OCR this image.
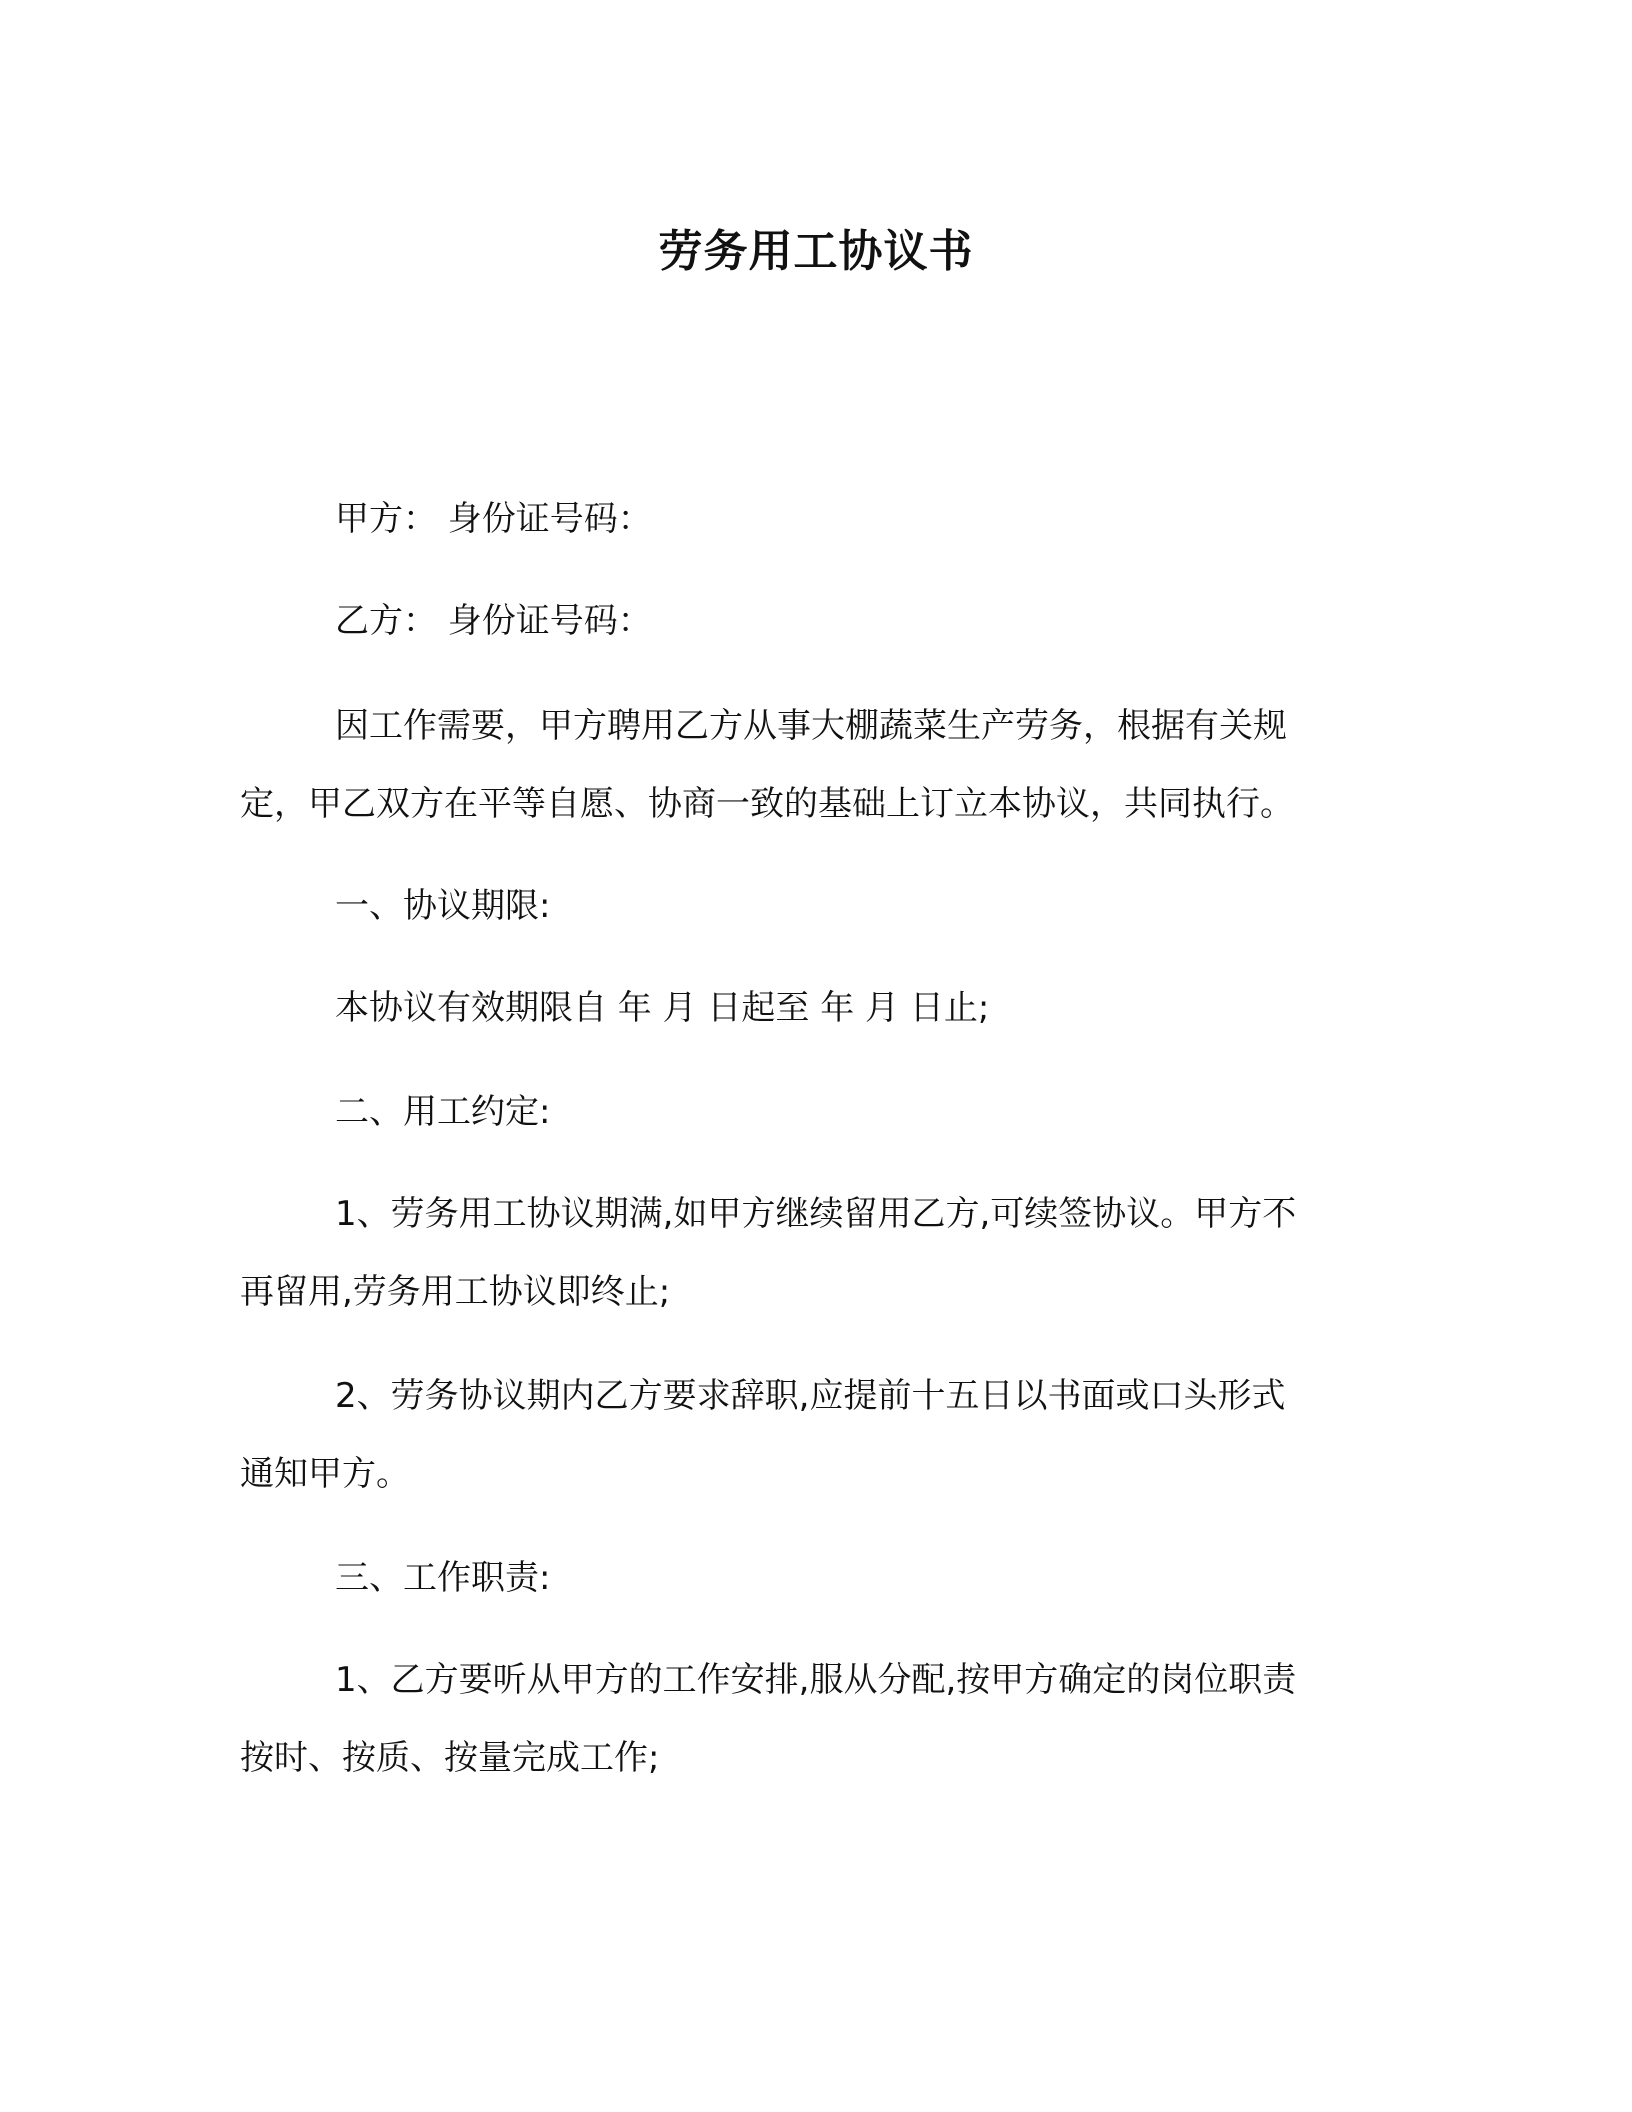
劳务用工协议书
甲方： 身份证号码：
乙方： 身份证号码：
因工作需要，甲方聘用乙方从事大棚蔬菜生产劳务，根据有关规
定，甲乙双方在平等自愿、协商一致的基础上订立本协议，共同执行。
一、协议期限:
本协议有效期限自 年 月 日起至 年 月 日止;
二、用工约定:
1、劳务用工协议期满,如甲方继续留用乙方,可续签协议。甲方不
再留用,劳务用工协议即终止;
2、劳务协议期内乙方要求辞职,应提前十五日以书面或口头形式
通知甲方。
三、工作职责:
1、乙方要听从甲方的工作安排,服从分配,按甲方确定的岗位职责
按时、按质、按量完成工作;
